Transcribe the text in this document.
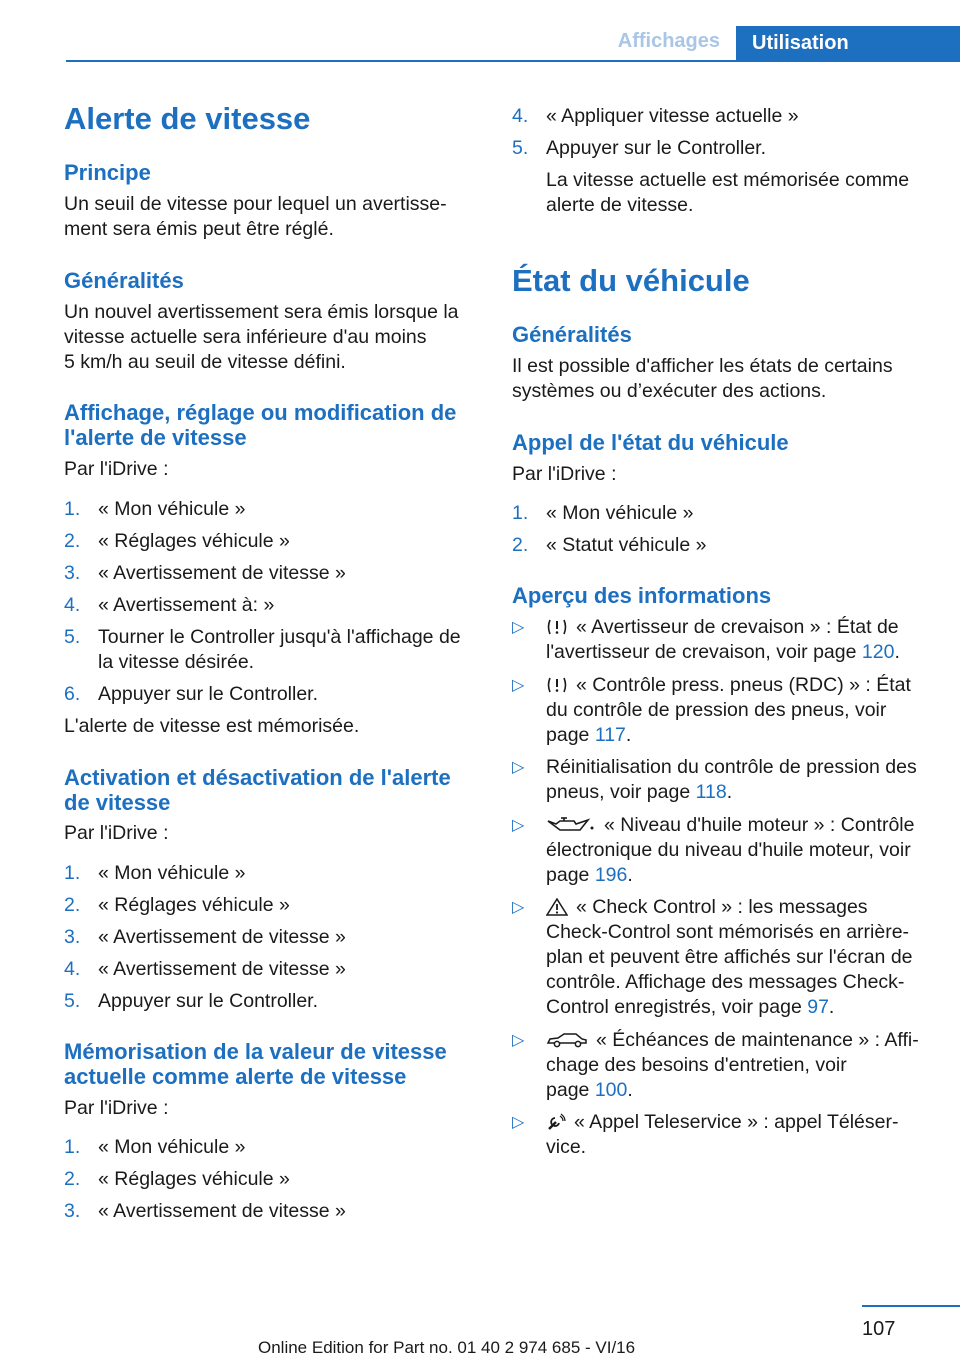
Affichages	Utilisation
Alerte de vitesse
Principe
Un seuil de vitesse pour lequel un avertisse-
ment sera émis peut être réglé.
Généralités
Un nouvel avertissement sera émis lorsque la
vitesse actuelle sera inférieure d'au moins
5 km/h au seuil de vitesse défini.
Affichage, réglage ou modification de
l'alerte de vitesse
Par l'iDrive :
1. « Mon véhicule »
2. « Réglages véhicule »
3. « Avertissement de vitesse »
4. « Avertissement à: »
5. Tourner le Controller jusqu'à l'affichage de
la vitesse désirée.
6. Appuyer sur le Controller.
L'alerte de vitesse est mémorisée.
Activation et désactivation de l'alerte
de vitesse
Par l'iDrive :
1. « Mon véhicule »
2. « Réglages véhicule »
3. « Avertissement de vitesse »
4. « Avertissement de vitesse »
5. Appuyer sur le Controller.
Mémorisation de la valeur de vitesse
actuelle comme alerte de vitesse
Par l'iDrive :
1. « Mon véhicule »
2. « Réglages véhicule »
3. « Avertissement de vitesse »
4. « Appliquer vitesse actuelle »
5. Appuyer sur le Controller.
La vitesse actuelle est mémorisée comme
alerte de vitesse.
État du véhicule
Généralités
Il est possible d'afficher les états de certains
systèmes ou d’exécuter des actions.
Appel de l'état du véhicule
Par l'iDrive :
1. « Mon véhicule »
2. « Statut véhicule »
Aperçu des informations
▷	« Avertisseur de crevaison » : État de
l'avertisseur de crevaison, voir page 120.
▷	« Contrôle press. pneus (RDC) » : État
du contrôle de pression des pneus, voir
page 117.
▷ Réinitialisation du contrôle de pression des
pneus, voir page 118.
▷	« Niveau d'huile moteur » : Contrôle
électronique du niveau d'huile moteur, voir
page 196.
▷	« Check Control » : les messages
Check-Control sont mémorisés en arrière-
plan et peuvent être affichés sur l'écran de
contrôle. Affichage des messages Check-
Control enregistrés, voir page 97.
▷	« Échéances de maintenance » : Affi-
chage des besoins d'entretien, voir
page 100.
▷	« Appel Teleservice » : appel Téléser-
vice.
107
Online Edition for Part no. 01 40 2 974 685 - VI/16
